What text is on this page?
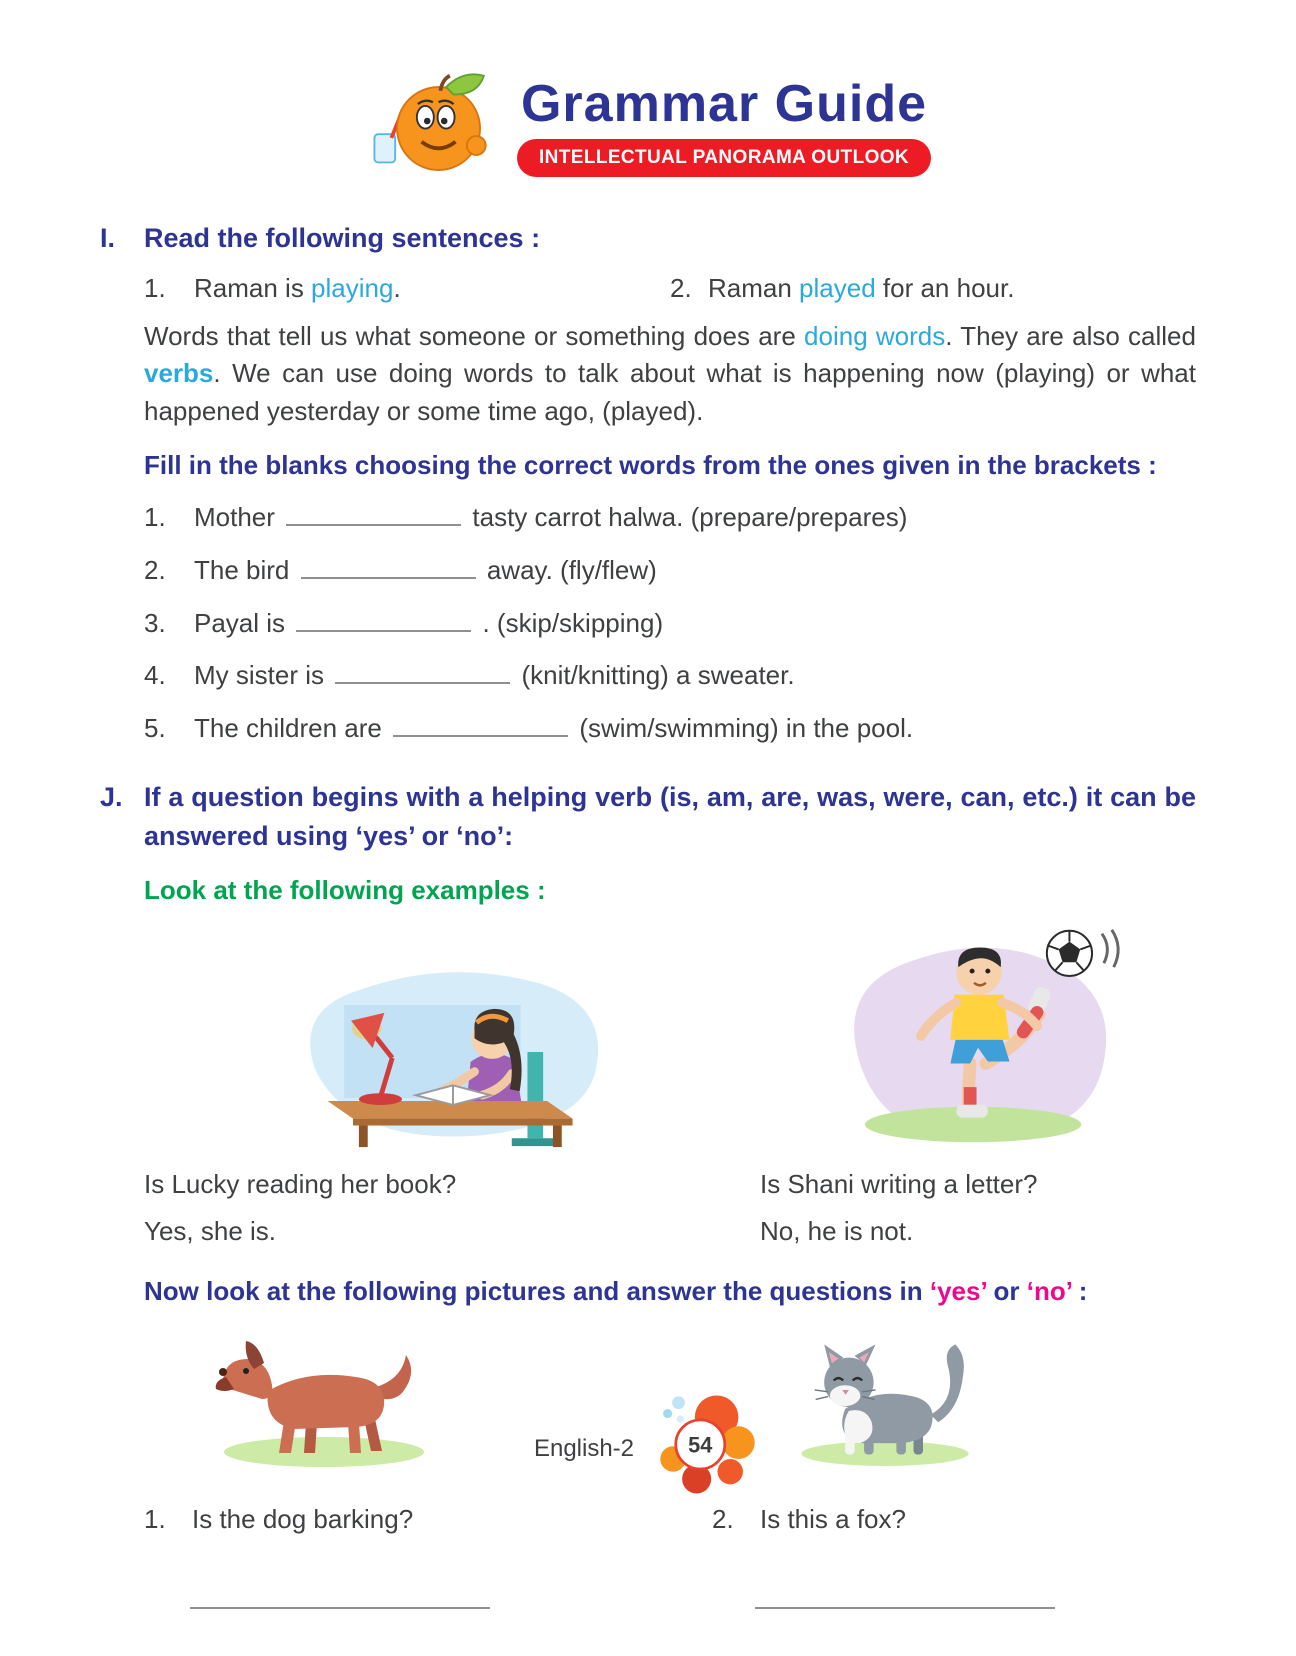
Grammar Guide
INTELLECTUAL PANORAMA OUTLOOK
I.	Read the following sentences :
1.	Raman is playing.	2. Raman played for an hour.

Words that tell us what someone or something does are doing words. They are also called verbs. We can use doing words to talk about what is happening now (playing) or what happened yesterday or some time ago, (played).

Fill in the blanks choosing the correct words from the ones given in the brackets :
1.	Mother	tasty carrot halwa. (prepare/prepares)
2.	The bird	away. (fly/flew)
3.	Payal is	. (skip/skipping)
4.	My sister is	(knit/knitting) a sweater.
5.	The children are	(swim/swimming) in the pool.
J. If a question begins with a helping verb (is, am, are, was, were, can, etc.) it can be answered using ‘yes’ or ‘no’:
Look at the following examples :
Is Lucky reading her book?	Is Shani writing a letter?
Yes, she is.	No, he is not.
Now look at the following pictures and answer the questions in ‘yes’ or ‘no’ :
1.	Is the dog barking?	2.	Is this a fox?
English-2 54
